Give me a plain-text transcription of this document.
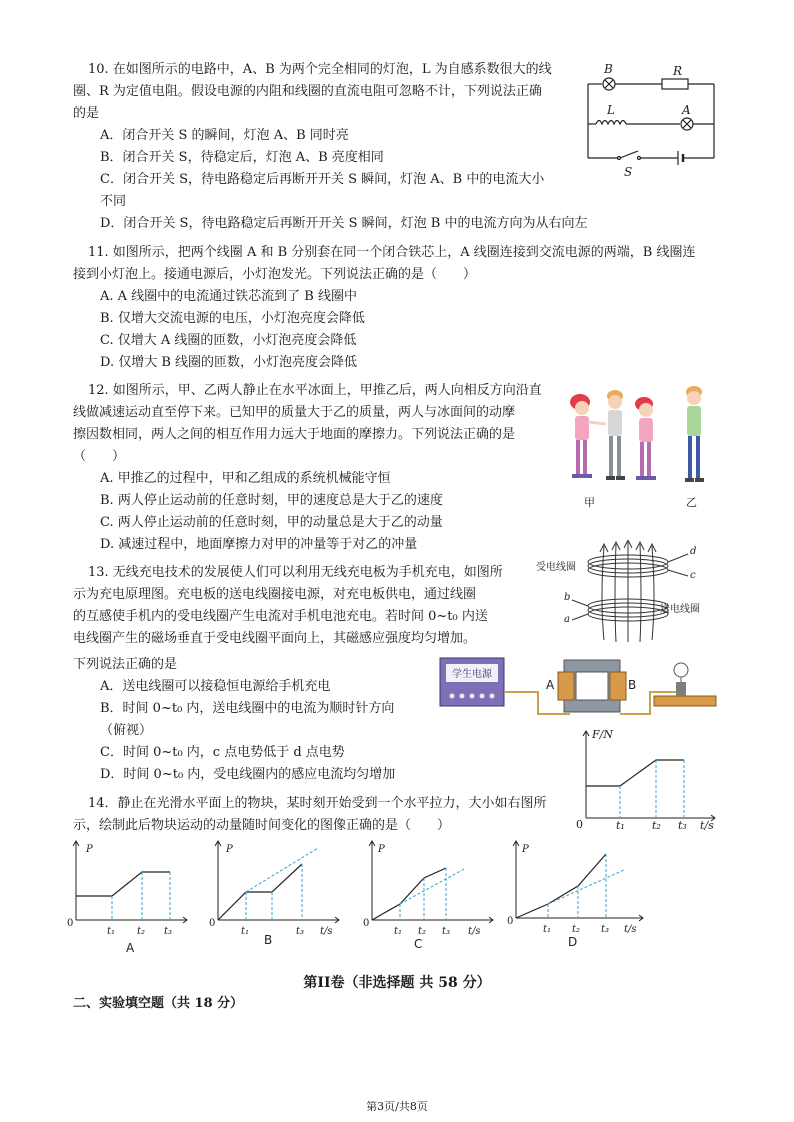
10. 在如图所示的电路中，A、B 为两个完全相同的灯泡，L 为自感系数很大的线
圈、R 为定值电阻。假设电源的内阻和线圈的直流电阻可忽略不计，下列说法正确
的是
A．闭合开关 S 的瞬间，灯泡 A、B 同时亮
B．闭合开关 S，待稳定后，灯泡 A、B 亮度相同
C．闭合开关 S，待电路稳定后再断开开关 S 瞬间，灯泡 A、B 中的电流大小
不同
D．闭合开关 S，待电路稳定后再断开开关 S 瞬间，灯泡 B 中的电流方向为从右向左
B	R
L	A
S
11. 如图所示，把两个线圈 A 和 B 分别套在同一个闭合铁芯上，A 线圈连接到交流电源的两端，B 线圈连
接到小灯泡上。接通电源后，小灯泡发光。下列说法正确的是（　　）
A. A 线圈中的电流通过铁芯流到了 B 线圈中
B. 仅增大交流电源的电压，小灯泡亮度会降低
C. 仅增大 A 线圈的匝数，小灯泡亮度会降低
D. 仅增大 B 线圈的匝数，小灯泡亮度会降低
12. 如图所示，甲、乙两人静止在水平冰面上，甲推乙后，两人向相反方向沿直
线做减速运动直至停下来。已知甲的质量大于乙的质量，两人与冰面间的动摩
擦因数相同，两人之间的相互作用力远大于地面的摩擦力。下列说法正确的是
（　　）
A. 甲推乙的过程中，甲和乙组成的系统机械能守恒
B. 两人停止运动前的任意时刻，甲的速度总是大于乙的速度
C. 两人停止运动前的任意时刻，甲的动量总是大于乙的动量
D. 减速过程中，地面摩擦力对甲的冲量等于对乙的冲量
甲	乙
13. 无线充电技术的发展使人们可以利用无线充电板为手机充电，如图所
示为充电原理图。充电板的送电线圈接电源，对充电板供电，通过线圈
的互感使手机内的受电线圈产生电流对手机电池充电。若时间 0~t₀ 内送
电线圈产生的磁场垂直于受电线圈平面向上，其磁感应强度均匀增加。
下列说法正确的是
A．送电线圈可以接稳恒电源给手机充电
B．时间 0~t₀ 内，送电线圈中的电流为顺时针方向
（俯视）
C．时间 0~t₀ 内，c 点电势低于 d 点电势
D．时间 0~t₀ 内，受电线圈内的感应电流均匀增加
受电线圈
送电线圈
d
c
b
a
学生电源
A	B
F/N
0	t₁ t₂ t₃ t/s
14．静止在光滑水平面上的物块，某时刻开始受到一个水平拉力，大小如右图所
示，绘制此后物块运动的动量随时间变化的图像正确的是（　　）
P
0
t₁ t₂ t₃
A
P
0
t₁	t₃ t/s
B
P
0
t₁ t₂ t₃ t/s
C
P
0
t₁ t₂ t₃ t/s
D
第II卷（非选择题 共 58 分）
二、实验填空题（共 18 分）
第3页/共8页
